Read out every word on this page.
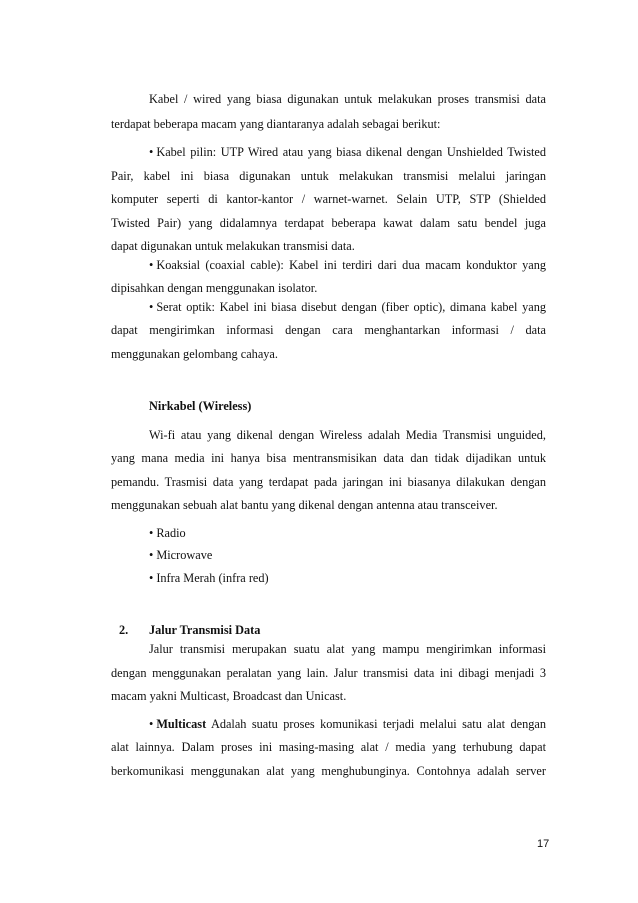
Kabel / wired yang biasa digunakan untuk melakukan proses transmisi data
terdapat beberapa macam yang diantaranya adalah sebagai berikut:
• Kabel pilin: UTP Wired atau yang biasa dikenal dengan Unshielded Twisted
Pair, kabel ini biasa digunakan untuk melakukan transmisi melalui jaringan
komputer seperti di kantor-kantor / warnet-warnet. Selain UTP, STP (Shielded
Twisted Pair) yang didalamnya terdapat beberapa kawat dalam satu bendel juga
dapat digunakan untuk melakukan transmisi data.
• Koaksial (coaxial cable): Kabel ini terdiri dari dua macam konduktor yang
dipisahkan dengan menggunakan isolator.
• Serat optik: Kabel ini biasa disebut dengan (fiber optic), dimana kabel yang
dapat mengirimkan informasi dengan cara menghantarkan informasi / data
menggunakan gelombang cahaya.
Nirkabel (Wireless)
Wi-fi atau yang dikenal dengan Wireless adalah Media Transmisi unguided,
yang mana media ini hanya bisa mentransmisikan data dan tidak dijadikan untuk
pemandu. Trasmisi data yang terdapat pada jaringan ini biasanya dilakukan dengan
menggunakan sebuah alat bantu yang dikenal dengan antenna atau transceiver.
• Radio
• Microwave
• Infra Merah (infra red)
2. Jalur Transmisi Data
Jalur transmisi merupakan suatu alat yang mampu mengirimkan informasi
dengan menggunakan peralatan yang lain. Jalur transmisi data ini dibagi menjadi 3
macam yakni Multicast, Broadcast dan Unicast.
• Multicast Adalah suatu proses komunikasi terjadi melalui satu alat dengan
alat lainnya. Dalam proses ini masing-masing alat / media yang terhubung dapat
berkomunikasi menggunakan alat yang menghubunginya. Contohnya adalah server
17
